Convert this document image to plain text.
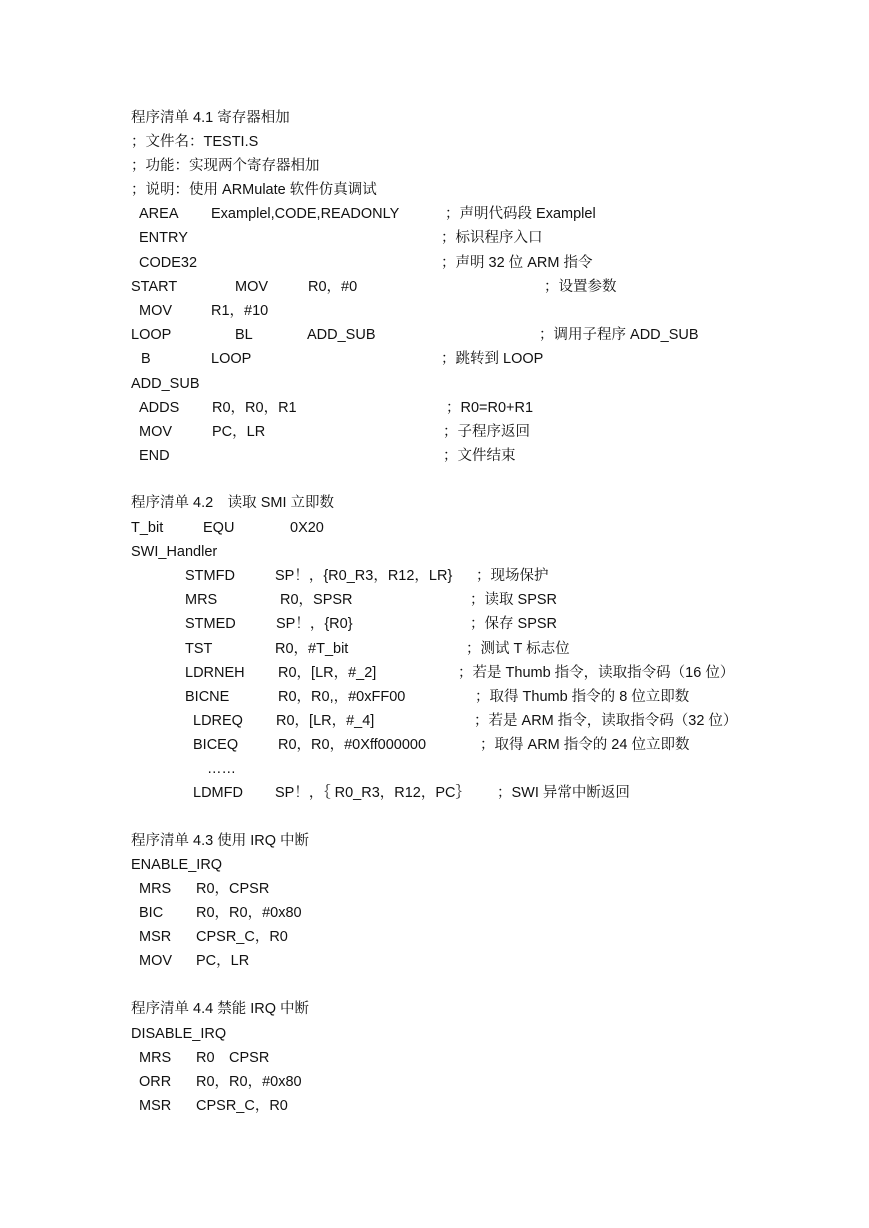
程序清单 4.1 寄存器相加
；文件名：TESTI.S
；功能：实现两个寄存器相加
；说明：使用 ARMulate 软件仿真调试
AREA Examplel,CODE,READONLY	；声明代码段 Examplel
ENTRY	；标识程序入口
CODE32	；声明 32 位 ARM 指令
START	MOV	R0，#0	；设置参数
MOV	R1，#10
LOOP	BL	ADD_SUB	；调用子程序 ADD_SUB
B	LOOP	；跳转到 LOOP
ADD_SUB
ADDS R0，R0，R1	；R0=R0+R1
MOV	PC，LR	；子程序返回
END	；文件结束
程序清单 4.2　读取 SMI 立即数
T_bit	EQU	0X20
SWI_Handler
STMFD	SP！，{R0_R3，R12，LR} ；现场保护
MRS	R0，SPSR	；读取 SPSR
STMED	SP！，{R0}	；保存 SPSR
TST	R0，#T_bit	；测试 T 标志位
LDRNEH R0，[LR，#_2]	；若是 Thumb 指令，读取指令码（16 位）
BICNE	R0，R0,，#0xFF00	；取得 Thumb 指令的 8 位立即数
LDREQ R0，[LR，#_4]	；若是 ARM 指令，读取指令码（32 位）
BICEQ	R0，R0，#0Xff000000	；取得 ARM 指令的 24 位立即数
……
LDMFD SP！，｛ R0_R3，R12，PC｝ ；SWI 异常中断返回
程序清单 4.3 使用 IRQ 中断
ENABLE_IRQ
MRS R0，CPSR
BIC R0，R0，#0x80
MSR CPSR_C，R0
MOV PC，LR
程序清单 4.4 禁能 IRQ 中断
DISABLE_IRQ
MRS R0　CPSR
ORR R0，R0，#0x80
MSR CPSR_C，R0
